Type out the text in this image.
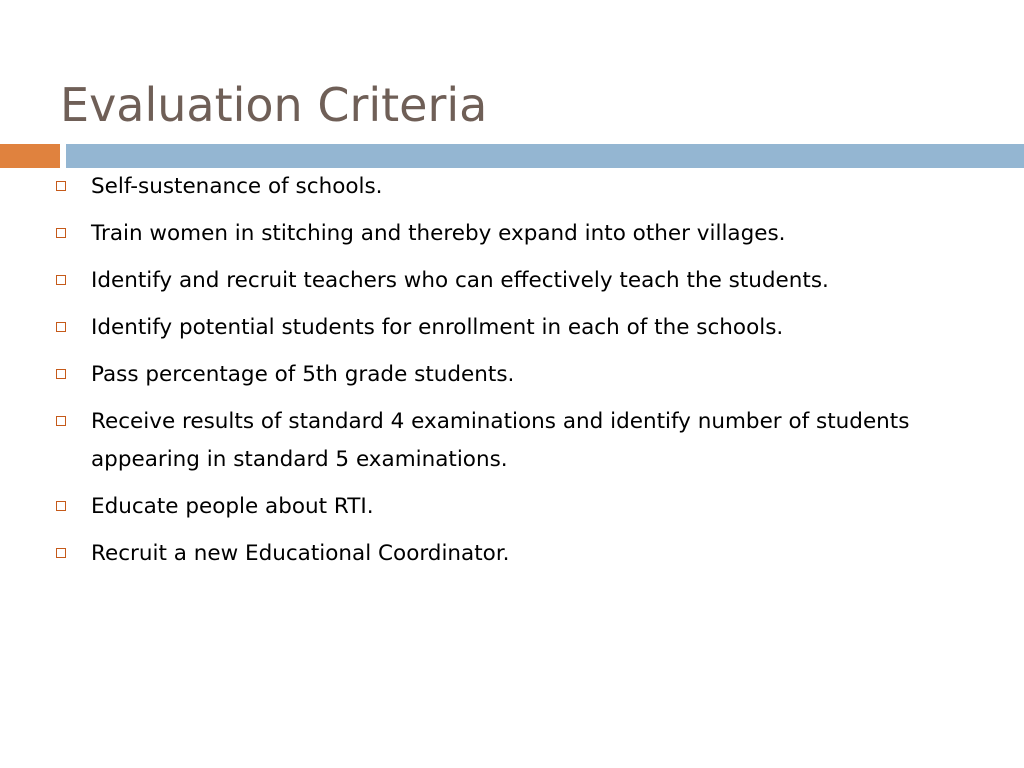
Evaluation Criteria
Self-sustenance of schools.
Train women in stitching and thereby expand into other villages.
Identify and recruit teachers who can effectively teach the students.
Identify potential students for enrollment in each of the schools.
Pass percentage of 5th grade students.
Receive results of standard 4 examinations and identify number of students appearing in standard 5 examinations.
Educate people about RTI.
Recruit a new Educational Coordinator.
